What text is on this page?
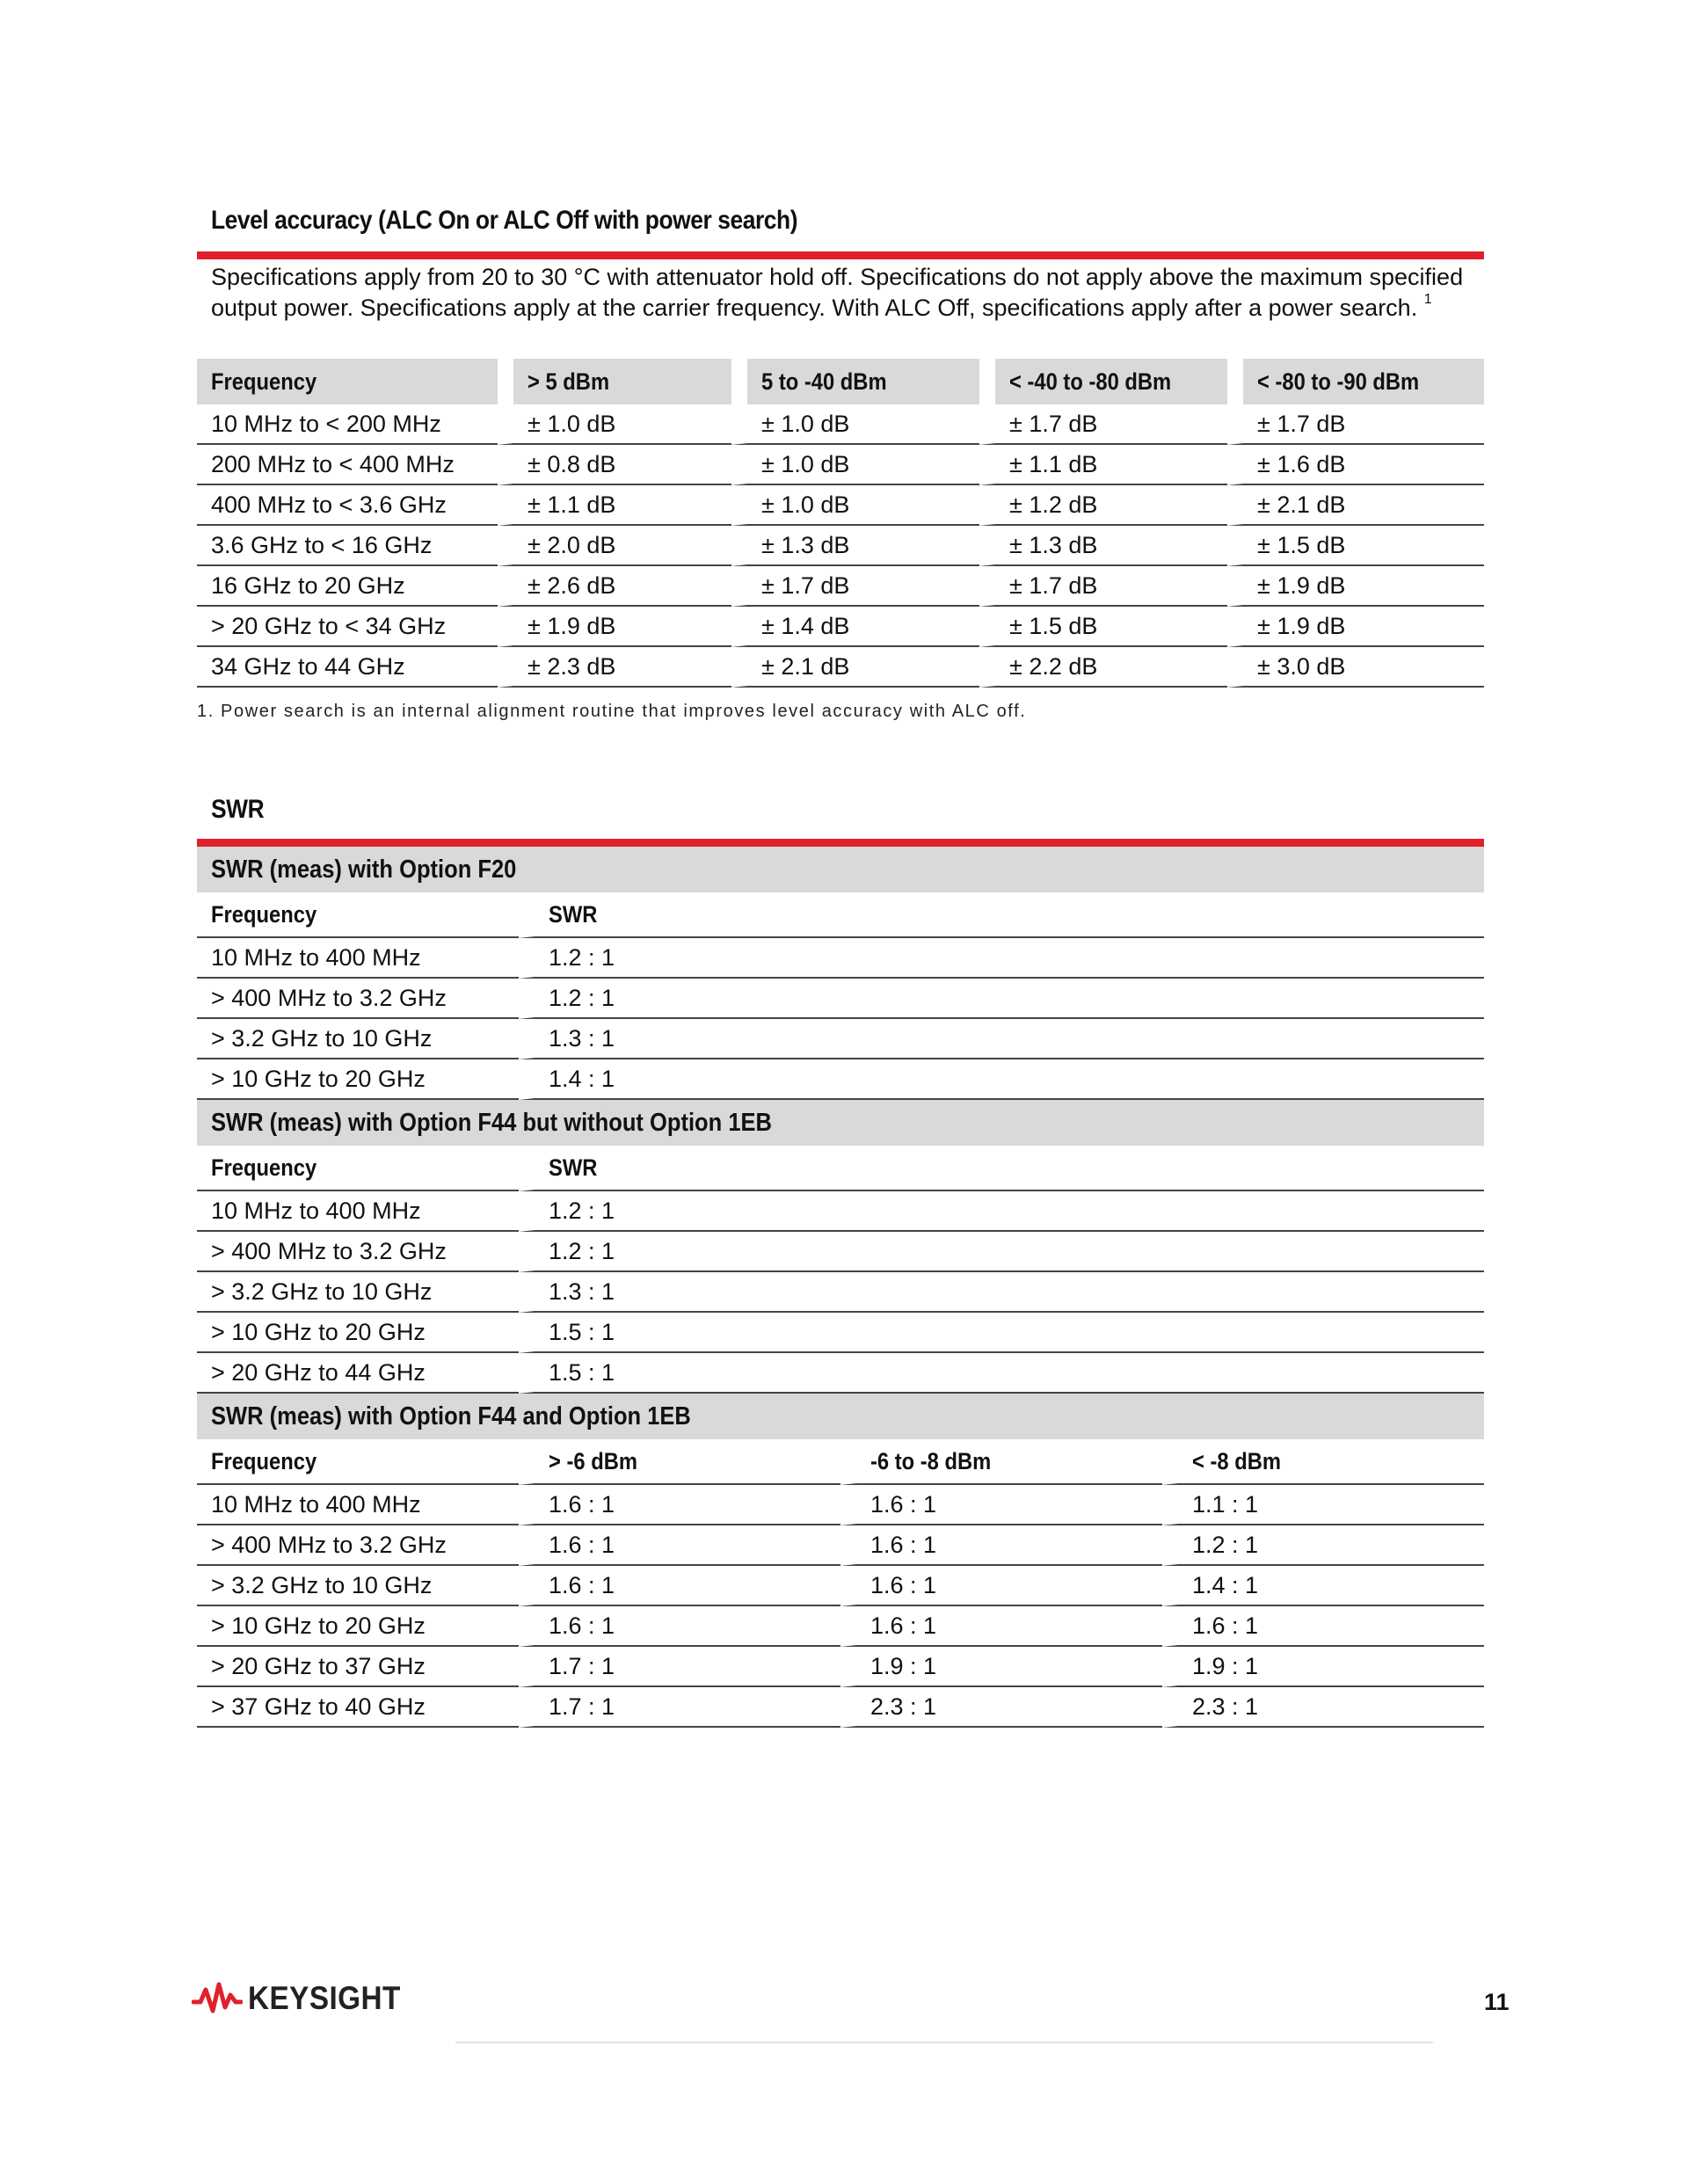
Level accuracy (ALC On or ALC Off with power search)
Specifications apply from 20 to 30 °C with attenuator hold off. Specifications do not apply above the maximum specified output power. Specifications apply at the carrier frequency. With ALC Off, specifications apply after a power search. $^1$
Frequency	> 5 dBm	5 to -40 dBm	< -40 to -80 dBm	< -80 to -90 dBm
10 MHz to < 200 MHz	± 1.0 dB	± 1.0 dB	± 1.7 dB	± 1.7 dB
200 MHz to < 400 MHz	± 0.8 dB	± 1.0 dB	± 1.1 dB	± 1.6 dB
400 MHz to < 3.6 GHz	± 1.1 dB	± 1.0 dB	± 1.2 dB	± 2.1 dB
3.6 GHz to < 16 GHz	± 2.0 dB	± 1.3 dB	± 1.3 dB	± 1.5 dB
16 GHz to 20 GHz	± 2.6 dB	± 1.7 dB	± 1.7 dB	± 1.9 dB
> 20 GHz to < 34 GHz	± 1.9 dB	± 1.4 dB	± 1.5 dB	± 1.9 dB
34 GHz to 44 GHz	± 2.3 dB	± 2.1 dB	± 2.2 dB	± 3.0 dB
1. Power search is an internal alignment routine that improves level accuracy with ALC off.
SWR
SWR (meas) with Option F20			
Frequency	SWR		
10 MHz to 400 MHz	1.2 : 1		
> 400 MHz to 3.2 GHz	1.2 : 1		
> 3.2 GHz to 10 GHz	1.3 : 1		
> 10 GHz to 20 GHz	1.4 : 1		
SWR (meas) with Option F44 but without Option 1EB			
Frequency	SWR		
10 MHz to 400 MHz	1.2 : 1		
> 400 MHz to 3.2 GHz	1.2 : 1		
> 3.2 GHz to 10 GHz	1.3 : 1		
> 10 GHz to 20 GHz	1.5 : 1		
> 20 GHz to 44 GHz	1.5 : 1		
SWR (meas) with Option F44 and Option 1EB			
Frequency	> -6 dBm	-6 to -8 dBm	< -8 dBm
10 MHz to 400 MHz	1.6 : 1	1.6 : 1	1.1 : 1
> 400 MHz to 3.2 GHz	1.6 : 1	1.6 : 1	1.2 : 1
> 3.2 GHz to 10 GHz	1.6 : 1	1.6 : 1	1.4 : 1
> 10 GHz to 20 GHz	1.6 : 1	1.6 : 1	1.6 : 1
> 20 GHz to 37 GHz	1.7 : 1	1.9 : 1	1.9 : 1
> 37 GHz to 40 GHz	1.7 : 1	2.3 : 1	2.3 : 1
KEYSIGHT	11
